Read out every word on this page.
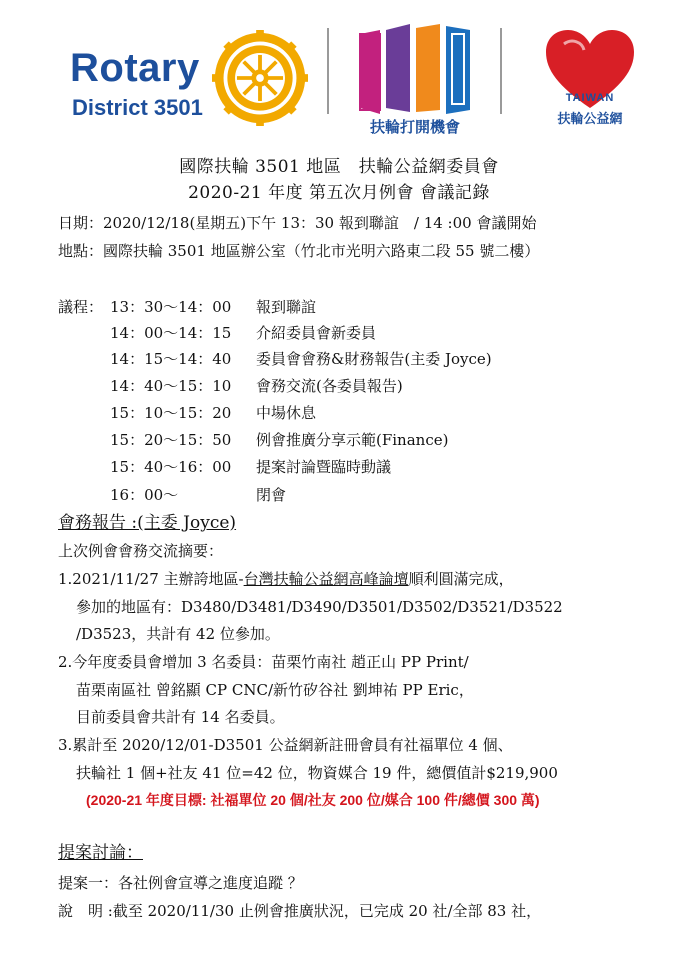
Rotary
District 3501
扶輪打開機會
TAIWAN
扶輪公益網
國際扶輪 3501 地區　扶輪公益網委員會
2020-21 年度 第五次月例會 會議記錄
日期：2020/12/18(星期五)下午 13：30 報到聯誼　/ 14 :00 會議開始
地點：國際扶輪 3501 地區辦公室（竹北市光明六路東二段 55 號二樓）
議程： 13：30～14：00 報到聯誼
14：00～14：15 介紹委員會新委員
14：15～14：40 委員會會務&財務報告(主委 Joyce)
14：40～15：10 會務交流(各委員報告)
15：10～15：20 中場休息
15：20～15：50 例會推廣分享示範(Finance)
15：40～16：00 提案討論暨臨時動議
16：00～	閉會
會務報告 :(主委 Joyce)
上次例會會務交流摘要：
1.2021/11/27 主辦誇地區-台灣扶輪公益網高峰論壇順利圓滿完成，
參加的地區有：D3480/D3481/D3490/D3501/D3502/D3521/D3522
/D3523，共計有 42 位參加。
2.今年度委員會增加 3 名委員：苗栗竹南社 趙正山 PP Print/
苗栗南區社 曾銘顯 CP CNC/新竹矽谷社 劉坤祐 PP Eric，
目前委員會共計有 14 名委員。
3.累計至 2020/12/01-D3501 公益網新註冊會員有社福單位 4 個、
扶輪社 1 個+社友 41 位=42 位，物資媒合 19 件，總價值計$219,900
(2020-21 年度目標: 社福單位 20 個/社友 200 位/媒合 100 件/總價 300 萬)
提案討論：
提案一：各社例會宣導之進度追蹤 ？
說　明 :截至 2020/11/30 止例會推廣狀況，已完成 20 社/全部 83 社，
